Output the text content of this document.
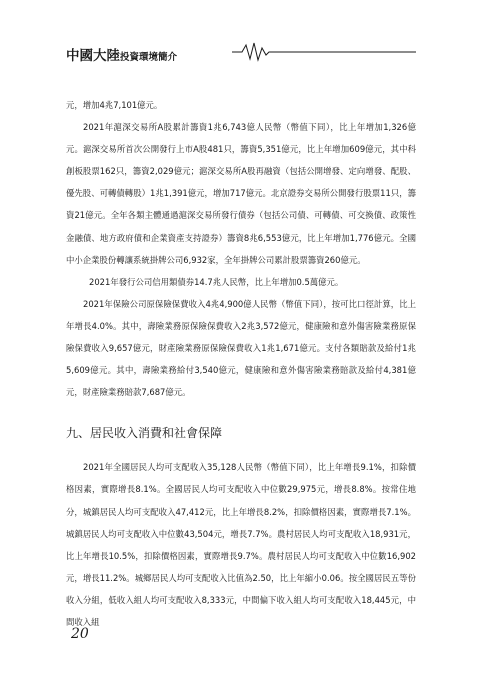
中國大陸投資環境簡介

元，增加4兆7,101億元。

2021年滬深交易所A股累計籌資1兆6,743億人民幣（幣值下同），比上年增加1,326億元。滬深交易所首次公開發行上市A股481只，籌資5,351億元，比上年增加609億元，其中科創板股票162只，籌資2,029億元；滬深交易所A股再融資（包括公開增發、定向增發、配股、優先股、可轉債轉股）1兆1,391億元，增加717億元。北京證券交易所公開發行股票11只，籌資21億元。全年各類主體通過滬深交易所發行債券（包括公司債、可轉債、可交換債、政策性金融債、地方政府債和企業資產支持證券）籌資8兆6,553億元，比上年增加1,776億元。全國中小企業股份轉讓系統掛牌公司6,932家，全年掛牌公司累計股票籌資260億元。

2021年發行公司信用類債券14.7兆人民幣，比上年增加0.5萬億元。

2021年保險公司原保險保費收入4兆4,900億人民幣（幣值下同），按可比口徑計算，比上年增長4.0%。其中，壽險業務原保險保費收入2兆3,572億元，健康險和意外傷害險業務原保險保費收入9,657億元，財產險業務原保險保費收入1兆1,671億元。支付各類賠款及給付1兆5,609億元。其中，壽險業務給付3,540億元，健康險和意外傷害險業務賠款及給付4,381億元，財產險業務賠款7,687億元。

九、居民收入消費和社會保障

2021年全國居民人均可支配收入35,128人民幣（幣值下同），比上年增長9.1%，扣除價格因素，實際增長8.1%。全國居民人均可支配收入中位數29,975元，增長8.8%。按常住地分，城鎮居民人均可支配收入47,412元，比上年增長8.2%，扣除價格因素，實際增長7.1%。城鎮居民人均可支配收入中位數43,504元，增長7.7%。農村居民人均可支配收入18,931元，比上年增長10.5%，扣除價格因素，實際增長9.7%。農村居民人均可支配收入中位數16,902元，增長11.2%。城鄉居民人均可支配收入比值為2.50，比上年縮小0.06。按全國居民五等份收入分組，低收入組人均可支配收入8,333元，中間偏下收入組人均可支配收入18,445元，中間收入組

20
